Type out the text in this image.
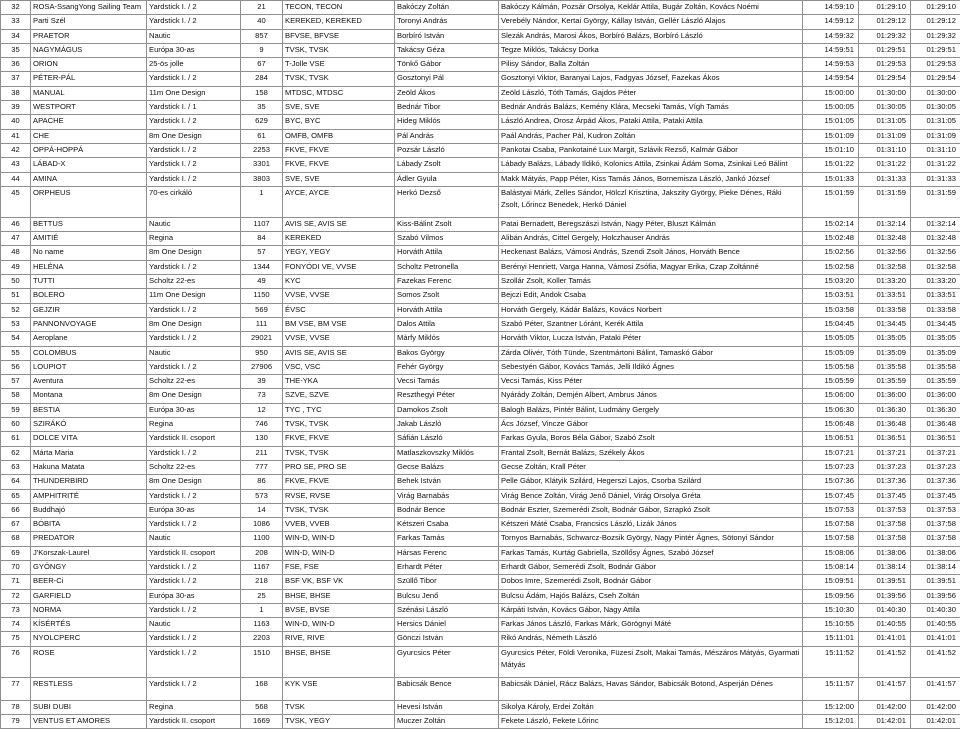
32	ROSA-SsangYong Sailing Team	Yardstick I. / 2	21	TECON, TECON	Bakóczy Zoltán	Bakóczy Kálmán, Pozsár Orsolya, Keklár Attila, Bugár Zoltán, Kovács Noémi	14:59:10	01:29:10	01:29:10
33	Parti Szél	Yardstick I. / 2	40	KEREKED, KEREKED	Toronyi András	Verebély Nándor, Kertai György, Kállay István, Gellér László Alajos	14:59:12	01:29:12	01:29:12
34	PRAETOR	Nautic	857	BFVSE, BFVSE	Borbíró István	Slezák András, Marosi Ákos, Borbíró Balázs, Borbíró László	14:59:32	01:29:32	01:29:32
35	NAGYMÁGUS	Európa 30-as	9	TVSK, TVSK	Takácsy Géza	Tegze Miklós, Takácsy Dorka	14:59:51	01:29:51	01:29:51
36	ORION	25-ös jolle	67	T-Jolle VSE	Tönkő Gábor	Pilisy Sándor, Balla Zoltán	14:59:53	01:29:53	01:29:53
37	PÉTER-PÁL	Yardstick I. / 2	284	TVSK, TVSK	Gosztonyi Pál	Gosztonyi Viktor, Baranyai Lajos, Fadgyas József, Fazekas Ákos	14:59:54	01:29:54	01:29:54
38	MANUAL	11m One Design	158	MTDSC, MTDSC	Zeöld Ákos	Zeöld László, Tóth Tamás, Gajdos Péter	15:00:00	01:30:00	01:30:00
39	WESTPORT	Yardstick I. / 1	35	SVE, SVE	Bednár Tibor	Bednár András Balázs, Kemény Klára, Mecseki Tamás, Vígh Tamás	15:00:05	01:30:05	01:30:05
40	APACHE	Yardstick I. / 2	629	BYC, BYC	Hideg Miklós	László Andrea, Orosz Árpád Ákos, Pataki Attila, Pataki Attila	15:01:05	01:31:05	01:31:05
41	CHE	8m One Design	61	OMFB, OMFB	Pál András	Paál András, Pacher Pál, Kudron Zoltán	15:01:09	01:31:09	01:31:09
42	OPPÁ-HOPPÁ	Yardstick I. / 2	2253	FKVE, FKVE	Pozsár László	Pankotai Csaba, Pankotainé Lux Margit, Szlávik Rezső, Kalmár Gábor	15:01:10	01:31:10	01:31:10
43	LÁBAD-X	Yardstick I. / 2	3301	FKVE, FKVE	Lábady Zsolt	Lábady Balázs, Lábady Ildikó, Kolonics Attila, Zsinkai Ádám Soma, Zsinkai Leó Bálint	15:01:22	01:31:22	01:31:22
44	AMINA	Yardstick I. / 2	3803	SVE, SVE	Ádler Gyula	Makk Mátyás, Papp Péter, Kiss Tamás János, Bornemisza László, Jankó József	15:01:33	01:31:33	01:31:33
45	ORPHEUS	70-es cirkáló	1	AYCE, AYCE	Herkó Dezső	Balástyai Márk, Zelles Sándor, Hölczl Krisztina, Jakszity György, Pieke Dénes, Ráki Zsolt, Lőrincz Benedek, Herkó Dániel	15:01:59	01:31:59	01:31:59
46	BETTUS	Nautic	1107	AVIS SE, AVIS SE	Kiss-Bálint Zsolt	Patai Bernadett, Beregszászi István, Nagy Péter, Bluszt Kálmán	15:02:14	01:32:14	01:32:14
47	AMITIÉ	Regina	84	KEREKED	Szabó Vilmos	Alibán András, Cittel Gergely, Holczhauser András	15:02:48	01:32:48	01:32:48
48	No name	8m One Design	57	YEGY, YEGY	Horváth Attila	Heckenast Balázs, Vámosi András, Szendi Zsolt János, Horváth Bence	15:02:56	01:32:56	01:32:56
49	HELÉNA	Yardstick I. / 2	1344	FONYÓDI VE, VVSE	Scholtz Petronella	Berényi Henriett, Varga Hanna, Vámosi Zsófia, Magyar Erika, Czap Zoltánné	15:02:58	01:32:58	01:32:58
50	TUTTI	Scholtz 22-es	49	KYC	Fazekas Ferenc	Szollár Zsolt, Koller Tamás	15:03:20	01:33:20	01:33:20
51	BOLERO	11m One Design	1150	VVSE, VVSE	Somos Zsolt	Bejczi Edit, Andok Csaba	15:03:51	01:33:51	01:33:51
52	GEJZIR	Yardstick I. / 2	569	ÉVSC	Horváth Attila	Horváth Gergely, Kádár Balázs, Kovács Norbert	15:03:58	01:33:58	01:33:58
53	PANNONVOYAGE	8m One Design	111	BM VSE, BM VSE	Dalos Attila	Szabó Péter, Szantner Lóránt, Kerék Attila	15:04:45	01:34:45	01:34:45
54	Aeroplane	Yardstick I. / 2	29021	VVSE, VVSE	Márfy Miklós	Horváth Viktor, Lucza István, Pataki Péter	15:05:05	01:35:05	01:35:05
55	COLOMBUS	Nautic	950	AVIS SE, AVIS SE	Bakos György	Zárda Olivér, Tóth Tünde, Szentmártoni Bálint, Tamaskó Gábor	15:05:09	01:35:09	01:35:09
56	LOUPIOT	Yardstick I. / 2	27906	VSC, VSC	Fehér György	Sebestyén Gábor, Kovács Tamás, Jelli Ildikó Ágnes	15:05:58	01:35:58	01:35:58
57	Aventura	Scholtz 22-es	39	THE-YKA	Vecsi Tamás	Vecsi Tamás, Kiss Péter	15:05:59	01:35:59	01:35:59
58	Montana	8m One Design	73	SZVE, SZVE	Reszthegyi Péter	Nyárády Zoltán, Demjén Albert, Ambrus János	15:06:00	01:36:00	01:36:00
59	BESTIA	Európa 30-as	12	TYC , TYC	Damokos Zsolt	Balogh Balázs, Pintér Bálint, Ludmány Gergely	15:06:30	01:36:30	01:36:30
60	SZIRÁKÓ	Regina	746	TVSK, TVSK	Jakab László	Ács József, Vincze Gábor	15:06:48	01:36:48	01:36:48
61	DOLCE VITA	Yardstick II. csoport	130	FKVE, FKVE	Sáfián László	Farkas Gyula, Boros Béla Gábor, Szabó Zsolt	15:06:51	01:36:51	01:36:51
62	Márta Maria	Yardstick I. / 2	211	TVSK, TVSK	Matlaszkovszky Miklós	Frantal Zsolt, Bernát Balázs, Székely Ákos	15:07:21	01:37:21	01:37:21
63	Hakuna Matata	Scholtz 22-es	777	PRO SE, PRO SE	Gecse Balázs	Gecse Zoltán, Krall Péter	15:07:23	01:37:23	01:37:23
64	THUNDERBIRD	8m One Design	86	FKVE, FKVE	Behek István	Pelle Gábor, Klátyik Szilárd, Hegerszi Lajos, Csorba Szilárd	15:07:36	01:37:36	01:37:36
65	AMPHITRITÉ	Yardstick I. / 2	573	RVSE, RVSE	Virág Barnabás	Virág Bence Zoltán, Virág Jenő Dániel, Virág Orsolya Gréta	15:07:45	01:37:45	01:37:45
66	Buddhajó	Európa 30-as	14	TVSK, TVSK	Bodnár Bence	Bodnár Eszter, Szemerédi Zsolt, Bodnár Gábor, Szrapkó Zsolt	15:07:53	01:37:53	01:37:53
67	BÓBITA	Yardstick I. / 2	1086	VVEB, VVEB	Kétszeri Csaba	Kétszeri Máté Csaba, Francsics László, Lizák János	15:07:58	01:37:58	01:37:58
68	PREDATOR	Nautic	1100	WIN-D, WIN-D	Farkas Tamás	Tornyos Barnabás, Schwarcz-Bozsik György, Nagy Pintér Ágnes, Sötonyi Sándor	15:07:58	01:37:58	01:37:58
69	J'Korszak-Laurel	Yardstick II. csoport	208	WIN-D, WIN-D	Hársas Ferenc	Farkas Tamás, Kurtág Gabriella, Szöllősy Ágnes, Szabó József	15:08:06	01:38:06	01:38:06
70	GYÖNGY	Yardstick I. / 2	1167	FSE, FSE	Erhardt Péter	Erhardt Gábor, Semerédi Zsolt, Bodnár Gábor	15:08:14	01:38:14	01:38:14
71	BEER-Ci	Yardstick I. / 2	218	BSF VK, BSF VK	Szüllő Tibor	Dobos Imre, Szemerédi Zsolt, Bodnár Gábor	15:09:51	01:39:51	01:39:51
72	GARFIELD	Európa 30-as	25	BHSE, BHSE	Bulcsu Jenő	Bulcsu Ádám, Hajós Balázs, Cseh Zoltán	15:09:56	01:39:56	01:39:56
73	NORMA	Yardstick I. / 2	1	BVSE, BVSE	Szénási László	Kárpáti István, Kovács Gábor, Nagy Attila	15:10:30	01:40:30	01:40:30
74	KÍSÉRTÉS	Nautic	1163	WIN-D, WIN-D	Hersics Dániel	Farkas János László, Farkas Márk, Görögnyi Máté	15:10:55	01:40:55	01:40:55
75	NYOLCPERC	Yardstick I. / 2	2203	RIVE, RIVE	Gönczi István	Rikó András, Németh László	15:11:01	01:41:01	01:41:01
76	ROSE	Yardstick I. / 2	1510	BHSE, BHSE	Gyurcsics Péter	Gyurcsics Péter, Földi Veronika, Füzesi Zsolt, Makai Tamás, Mészáros Mátyás, Gyarmati Mátyás	15:11:52	01:41:52	01:41:52
77	RESTLESS	Yardstick I. / 2	168	KYK VSE	Babicsák Bence	Babicsák Dániel, Rácz Balázs, Havas Sándor, Babicsák Botond, Asperján Dénes	15:11:57	01:41:57	01:41:57
78	SUBI DUBI	Regina	568	TVSK	Hevesi István	Sikolya Károly, Erdei Zoltán	15:12:00	01:42:00	01:42:00
79	VENTUS ET AMORES	Yardstick II. csoport	1669	TVSK, YEGY	Muczer Zoltán	Fekete László, Fekete Lőrinc	15:12:01	01:42:01	01:42:01
